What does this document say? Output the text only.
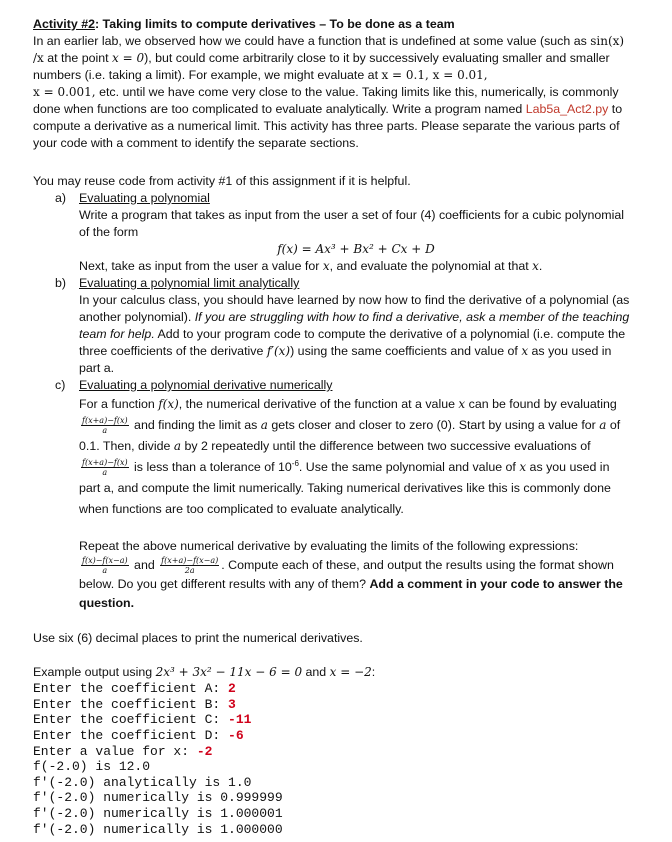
Activity #2: Taking limits to compute derivatives – To be done as a team

In an earlier lab, we observed how we could have a function that is undefined at some value (such as sin(x) /x at the point x = 0), but could come arbitrarily close to it by successively evaluating smaller and smaller numbers (i.e. taking a limit). For example, we might evaluate at x = 0.1, x = 0.01,
x = 0.001, etc. until we have come very close to the value. Taking limits like this, numerically, is commonly done when functions are too complicated to evaluate analytically. Write a program named Lab5a_Act2.py to compute a derivative as a numerical limit. This activity has three parts. Please separate the various parts of your code with a comment to identify the separate sections.

You may reuse code from activity #1 of this assignment if it is helpful.

a)	Evaluating a polynomial

Write a program that takes as input from the user a set of four (4) coefficients for a cubic polynomial of the form

f(x) = Ax³ + Bx² + Cx + D

Next, take as input from the user a value for x, and evaluate the polynomial at that x.

b)	Evaluating a polynomial limit analytically

In your calculus class, you should have learned by now how to find the derivative of a polynomial (as another polynomial). If you are struggling with how to find a derivative, ask a member of the teaching team for help. Add to your program code to compute the derivative of a polynomial (i.e. compute the three coefficients of the derivative f′(x)) using the same coefficients and value of x as you used in part a.

c)	Evaluating a polynomial derivative numerically

For a function f(x), the numerical derivative of the function at a value x can be found by evaluating
$\frac{f(x+a)-f(x)}{a}$ and finding the limit as a gets closer and closer to zero (0). Start by using a value for a of 0.1. Then, divide a by 2 repeatedly until the difference between two successive evaluations of
$\frac{f(x+a)-f(x)}{a}$ is less than a tolerance of $10^{-6}$. Use the same polynomial and value of x as you used in part a, and compute the limit numerically. Taking numerical derivatives like this is commonly done when functions are too complicated to evaluate analytically.

Repeat the above numerical derivative by evaluating the limits of the following expressions:
$\frac{f(x)-f(x-a)}{a}$ and $\frac{f(x+a)-f(x-a)}{2a}$ . Compute each of these, and output the results using the format shown below. Do you get different results with any of them? Add a comment in your code to answer the question.

Use six (6) decimal places to print the numerical derivatives.

Example output using 2x³ + 3x² − 11x − 6 = 0 and x = −2:

Enter the coefficient A: 2
Enter the coefficient B: 3
Enter the coefficient C: -11
Enter the coefficient D: -6
Enter a value for x: -2
f(-2.0) is 12.0
f'(-2.0) analytically is 1.0
f'(-2.0) numerically is 0.999999
f'(-2.0) numerically is 1.000001
f'(-2.0) numerically is 1.000000
